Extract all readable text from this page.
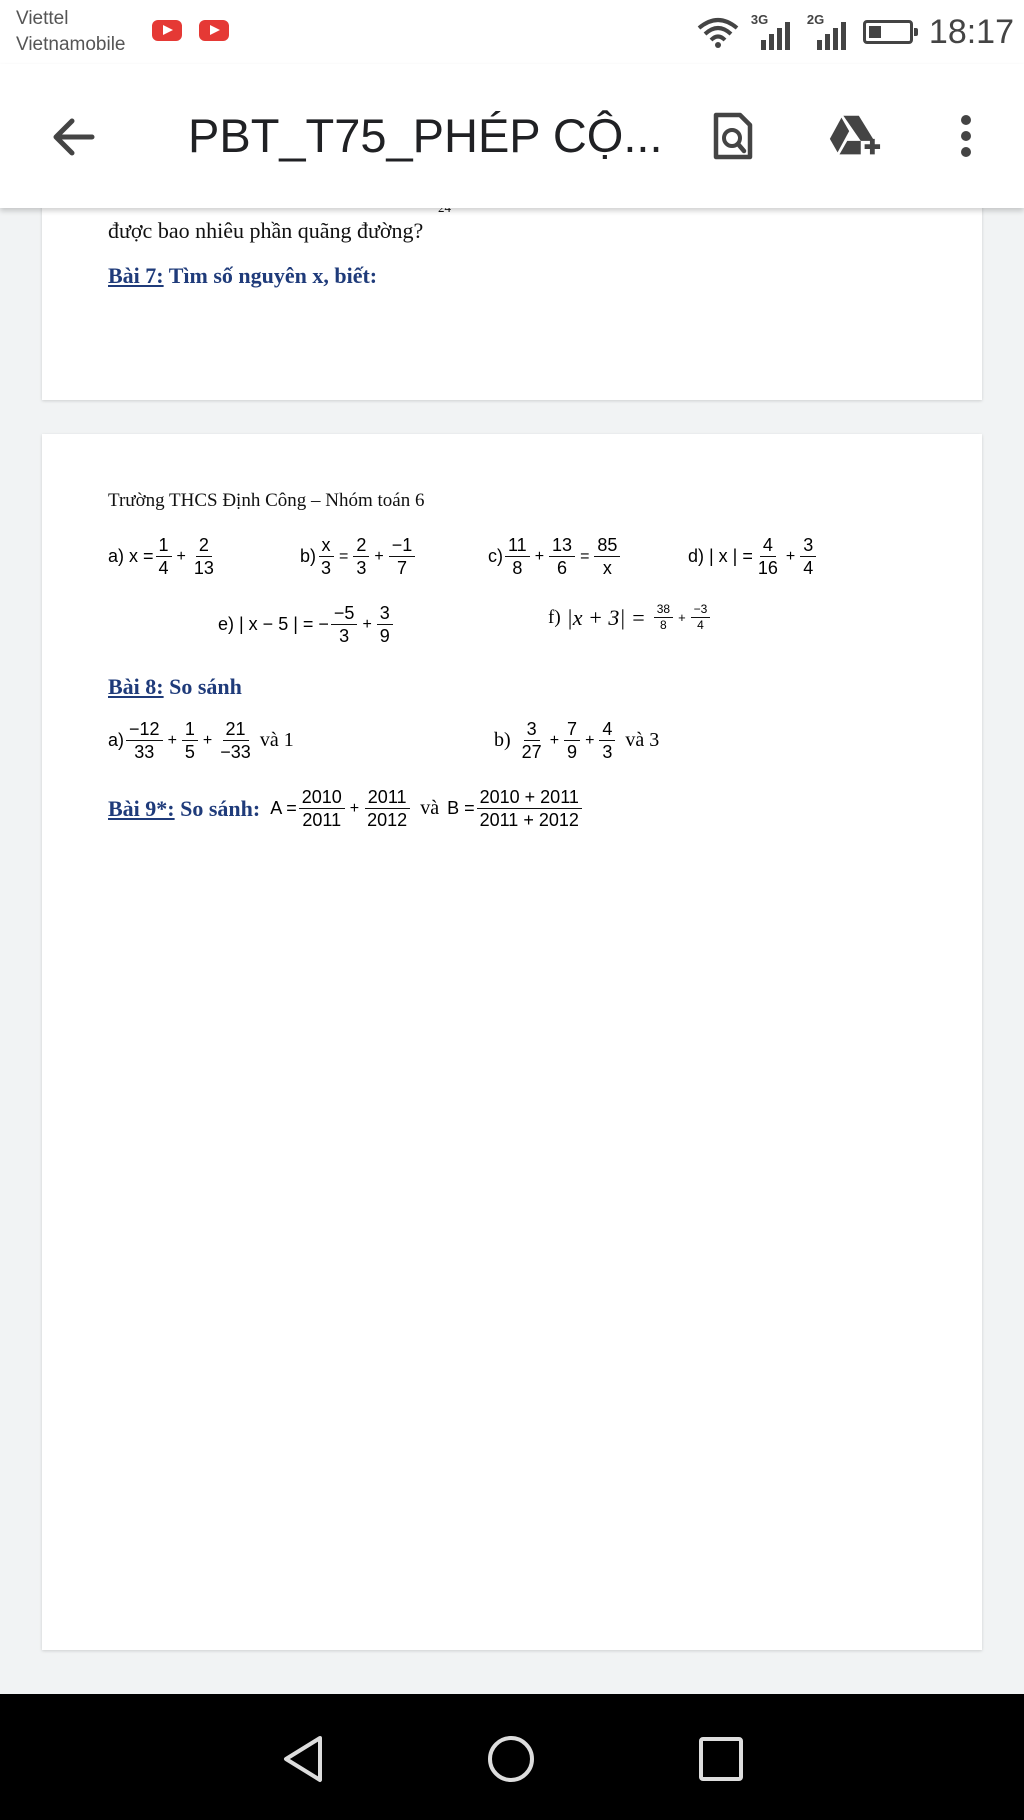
Viettel
Vietnamobile
3G	2G	18:17
PBT_T75_PHÉP CỘ...
được bao nhiêu phần quãng đường?
Bài 7: Tìm số nguyên x, biết:
Trường THCS Định Công – Nhóm toán 6
a) $x = \frac{1}{4} + \frac{2}{13}$	$b) \frac{x}{3} = \frac{2}{3} + \frac{-1}{7}$	c)
11
8
+ $\frac{13}{6} = \frac{85}{x}$	d) | x | = $\frac{4}{16} + \frac{3}{4}$
e) | x − 5 | = − $\frac{-5}{3} + \frac{3}{9}$	f) |x + 3| = 38
$8 + \frac{-3}{4}$
Bài 8: So sánh
a)
−12
33
+ $\frac{1}{5} + \frac{21}{-33}$ và 1	b) 3
27
+ $\frac{7}{9} + \frac{4}{3}$ và 3
Bài 9*: So sánh: $A = \frac{2010}{2011} + \frac{2011}{2012}$ và $B = \frac{2010 + 2011}{2011 + 2012}$
